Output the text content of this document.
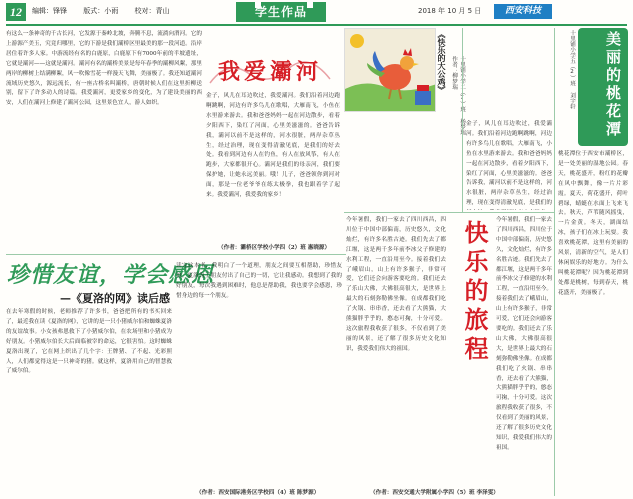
12	编辑：锋锋 版式：小雨 校对：青山	学生作品	2018 年 10 月 5 日	西安科技
有这么一条神奇的千古长河，它发源于秦岭北坡，奔腾不息，流淌向渭河。它的上游源产美玉，究竟归哪里，它的下游是我们灞桥区里最美的那一段河道。沿岸居住着许多人家。中游流经有名的白鹿原，白鹿原下有7000年前的半坡遗址，它就是灞河——这就是灞河。灞河有名的灞桥美景是每年春季的灞柳风絮，那里两岸的柳树上结满柳絮，风一吹像雪花一样漫天飞舞，美丽极了。我还知道灞河流域历史悠久，源远流长，有一座古桥名叫灞桥，唐朝时候人们在这里折柳送别，留下了许多动人的诗篇。我爱灞河，更爱家乡的变化，为了建设美丽的西安，人们在灞河上修建了灞河公园，这里景色宜人，游人如织。
我爱灞河
金子，风儿在耳边吹过，我爱灞河。我们沿着河边跑啊跳啊，河边有许多鸟儿在歌唱，大雁南飞，小鱼在水里游来游去。我和爸爸妈妈一起在河边散步，看着夕阳西下，染红了河面，心里美滋滋的。爸爸告诉我，灞河以前不是这样的，河水很脏，两岸杂草丛生，经过治理，现在变得清澈见底，是我们的好去处。我看到河边有人在钓鱼，有人在放风筝，有人在跑步，大家都很开心。灞河是我们的母亲河，我们要保护她，让她永远美丽。哦！儿子，爸爸领你到河对面，那是一位老爷爷在练太极拳，我也跟着学了起来。我爱灞河，我爱我的家乡！
（作者：灞桥区学校小学四（2）班 惠晓源）
《快乐的大公鸡》 作者：柳梦瑞
金子，风儿在耳边吹过，我爱灞河。我们沿着河边跑啊跳啊，河边有许多鸟儿在歌唱，大雁南飞，小鱼在水里游来游去。我和爸爸妈妈一起在河边散步，看着夕阳西下，染红了河面，心里美滋滋的。爸爸告诉我，灞河以前不是这样的，河水很脏，两岸杂草丛生，经过治理，现在变得清澈见底，是我们的
今年暑假，我们一家去了四川西昌，四川位于中国中部偏南，历史悠久，文化灿烂，有许多名胜古迹。我们先去了都江堰，这是两千多年前李冰父子修建的水利工程，一直沿用至今。接着我们去了峨眉山，山上有许多猴子，非常可爱，它们还会向游客要吃的。我们还去了乐山大佛，大佛很高很大，是世界上最大的石刻弥勒佛坐像。在成都我们吃了火锅、串串香，还去看了大熊猫，大熊猫胖乎乎的，憨态可掬，十分可爱。这次旅程我收获了很多，不仅看到了美丽的风景，还了解了很多历史文化知识，我爱我们伟大的祖国。	快乐的旅程	今年暑假，我们一家去了四川西昌，四川位于中国中部偏南，历史悠久，文化灿烂，有许多名胜古迹。我们先去了都江堰，这是两千多年前李冰父子修建的水利工程，一直沿用至今。接着我们去了峨眉山，山上有许多猴子，非常可爱，它们还会向游客要吃的。我们还去了乐山大佛，大佛很高很大，是世界上最大的石刻弥勒佛坐像。在成都我们吃了火锅、串串香，还去看了大熊猫，大熊猫胖乎乎的，憨态可掬，十分可爱。这次旅程我收获了很多，不仅看到了美丽的风景，还了解了很多历史文化知识，我爱我们伟大的祖国。
（作者：西安交通大学附属小学四（5）班 李泽雯）
珍惜友谊，学会感恩
—《夏洛的网》读后感
在去年寒假的时候，老师推荐了许多书，爸爸把所有的书买回来了，最近我在读《夏洛的网》，它讲的是一只小猪威尔伯和蜘蛛夏洛的友谊故事。小女孩弗恩救下了小猪威尔伯，在农场里和小猪成为好朋友。小猪威尔伯长大后面临被宰的命运，它很害怕。这时蜘蛛夏洛出现了，它在网上织出了几个字：王牌猪、了不起、光彩照人，人们都觉得这是一只神奇的猪。就这样，夏洛用自己的智慧救了威尔伯。
读完这本书，我明白了一个道理，朋友之间要互相帮助，珍惜友谊。夏洛为了朋友付出了自己的一切，它让我感动。我想到了我的好朋友，每次我遇到困难时，他总是帮助我，我也要学会感恩，珍惜身边的每一个朋友。
（作者：西安国际港务区学校四（4）班 陈梦源）
十里铺小学五（2）班 刘宇轩	美丽的桃花潭
桃花潭位于西安市灞桥区，是一处美丽的湿地公园。春天，桃花盛开，粉红的花瓣在风中飘舞，像一片片彩霞。夏天，荷花盛开，荷叶碧绿，蜻蜓在水面上飞来飞去。秋天，芦苇随风摇曳，一片金黄。冬天，湖面结冰，孩子们在冰上玩耍。我喜欢桃花潭，这里有美丽的风景，清新的空气，是人们休闲娱乐的好地方。为什么叫桃花潭呢？因为桃花潭到处都是桃树，每到春天，桃花盛开，美丽极了。
